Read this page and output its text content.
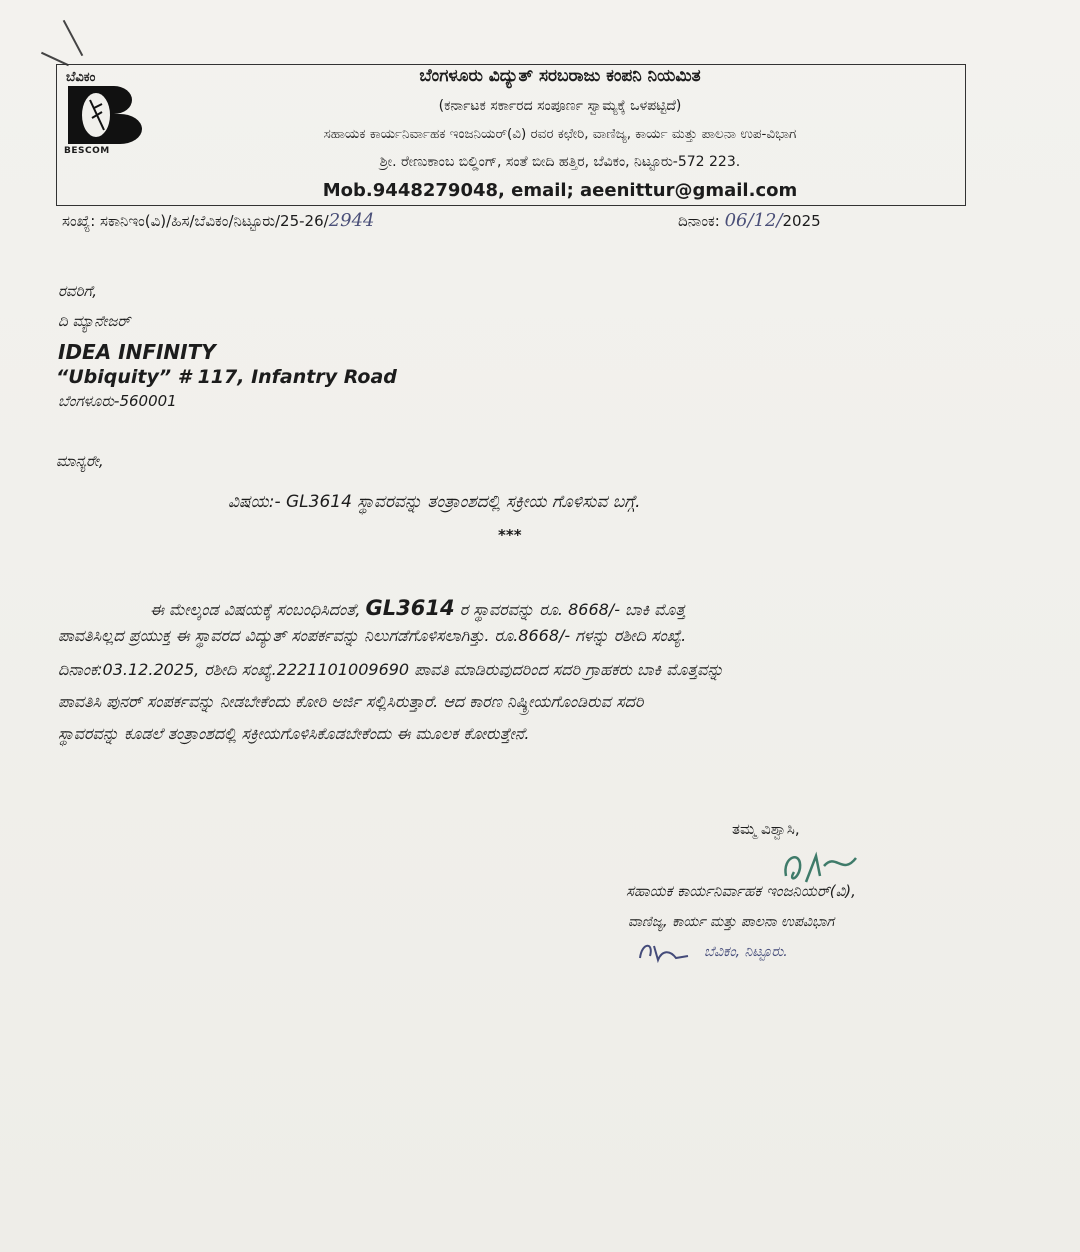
ಬೆವಿಕಂ
BESCOM
ಬೆಂಗಳೂರು ವಿದ್ಯುತ್ ಸರಬರಾಜು ಕಂಪನಿ ನಿಯಮಿತ
(ಕರ್ನಾಟಕ ಸರ್ಕಾರದ ಸಂಪೂರ್ಣ ಸ್ವಾಮ್ಯಕ್ಕೆ ಒಳಪಟ್ಟಿದೆ)
ಸಹಾಯಕ ಕಾರ್ಯನಿರ್ವಾಹಕ ಇಂಜನಿಯರ್(ವಿ) ರವರ ಕಛೇರಿ, ವಾಣಿಜ್ಯ, ಕಾರ್ಯ ಮತ್ತು ಪಾಲನಾ ಉಪ-ವಿಭಾಗ
ಶ್ರೀ. ರೇಣುಕಾಂಬ ಬಿಲ್ಡಿಂಗ್, ಸಂತೆ ಬೀದಿ ಹತ್ತಿರ, ಬೆವಿಕಂ, ನಿಟ್ಟೂರು-572 223.
Mob.9448279048, email; aeenittur@gmail.com
ಸಂಖ್ಯೆ: ಸಕಾನಿಇಂ(ವಿ)/ಹಿಸ/ಬೆವಿಕಂ/ನಿಟ್ಟೂರು/25-26/2944	ದಿನಾಂಕ: 06/12/2025
ರವರಿಗೆ,
ದಿ ಮ್ಯಾನೇಜರ್
IDEA INFINITY
“Ubiquity” # 117, Infantry Road
ಬೆಂಗಳೂರು-560001
ಮಾನ್ಯರೇ,
ವಿಷಯ:- GL3614 ಸ್ಥಾವರವನ್ನು ತಂತ್ರಾಂಶದಲ್ಲಿ ಸಕ್ರೀಯ ಗೊಳಿಸುವ ಬಗ್ಗೆ.
***
ಈ ಮೇಲ್ಕಂಡ ವಿಷಯಕ್ಕೆ ಸಂಬಂಧಿಸಿದಂತೆ, GL3614 ರ ಸ್ಥಾವರವನ್ನು ರೂ. 8668/- ಬಾಕಿ ಮೊತ್ತ
ಪಾವತಿಸಿಲ್ಲದ ಪ್ರಯುಕ್ತ ಈ ಸ್ಥಾವರದ ವಿದ್ಯುತ್ ಸಂಪರ್ಕವನ್ನು ನಿಲುಗಡೆಗೊಳಿಸಲಾಗಿತ್ತು. ರೂ.8668/- ಗಳನ್ನು ರಶೀದಿ ಸಂಖ್ಯೆ.
ದಿನಾಂಕ:03.12.2025, ರಶೀದಿ ಸಂಖ್ಯೆ.2221101009690 ಪಾವತಿ ಮಾಡಿರುವುದರಿಂದ ಸದರಿ ಗ್ರಾಹಕರು ಬಾಕಿ ಮೊತ್ತವನ್ನು
ಪಾವತಿಸಿ ಪುನರ್ ಸಂಪರ್ಕವನ್ನು ನೀಡಬೇಕೆಂದು ಕೋರಿ ಅರ್ಜಿ ಸಲ್ಲಿಸಿರುತ್ತಾರೆ. ಆದ ಕಾರಣ ನಿಷ್ಕ್ರೀಯಗೊಂಡಿರುವ ಸದರಿ
ಸ್ಥಾವರವನ್ನು ಕೂಡಲೆ ತಂತ್ರಾಂಶದಲ್ಲಿ ಸಕ್ರೀಯಗೊಳಿಸಿಕೊಡಬೇಕೆಂದು ಈ ಮೂಲಕ ಕೋರುತ್ತೇನೆ.
ತಮ್ಮ ವಿಶ್ವಾಸಿ,
ಸಹಾಯಕ ಕಾರ್ಯನಿರ್ವಾಹಕ ಇಂಜನಿಯರ್(ವಿ),
ವಾಣಿಜ್ಯ, ಕಾರ್ಯ ಮತ್ತು ಪಾಲನಾ ಉಪವಿಭಾಗ
ಬೆವಿಕಂ, ನಿಟ್ಟೂರು.
